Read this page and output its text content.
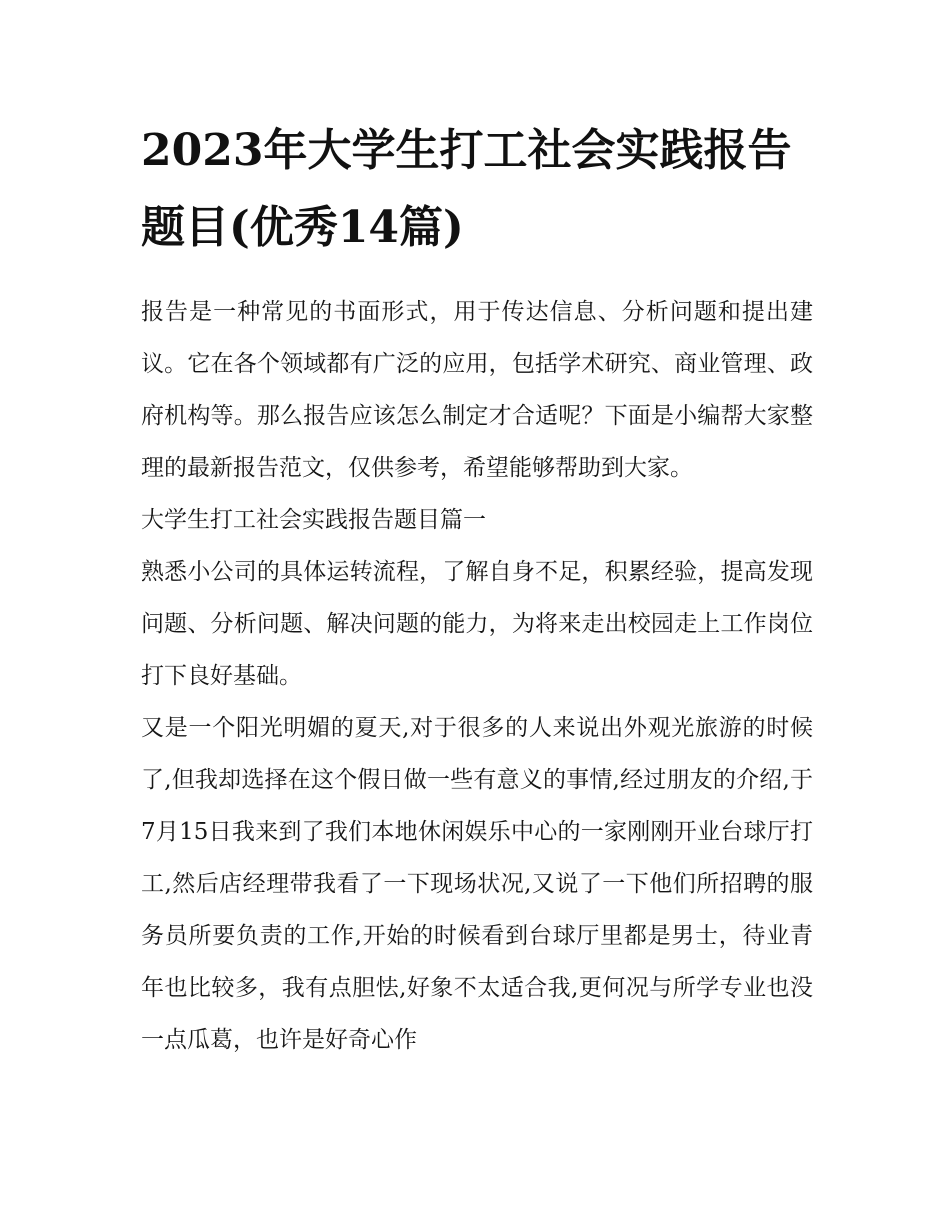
2023年大学生打工社会实践报告题目(优秀14篇)

报告是一种常见的书面形式，用于传达信息、分析问题和提出建议。它在各个领域都有广泛的应用，包括学术研究、商业管理、政府机构等。那么报告应该怎么制定才合适呢？下面是小编帮大家整理的最新报告范文，仅供参考，希望能够帮助到大家。

大学生打工社会实践报告题目篇一

熟悉小公司的具体运转流程，了解自身不足，积累经验，提高发现问题、分析问题、解决问题的能力，为将来走出校园走上工作岗位打下良好基础。

又是一个阳光明媚的夏天,对于很多的人来说出外观光旅游的时候了,但我却选择在这个假日做一些有意义的事情,经过朋友的介绍,于7月15日我来到了我们本地休闲娱乐中心的一家刚刚开业台球厅打工,然后店经理带我看了一下现场状况,又说了一下他们所招聘的服务员所要负责的工作,开始的时候看到台球厅里都是男士，待业青年也比较多，我有点胆怯,好象不太适合我,更何况与所学专业也没一点瓜葛，也许是好奇心作
